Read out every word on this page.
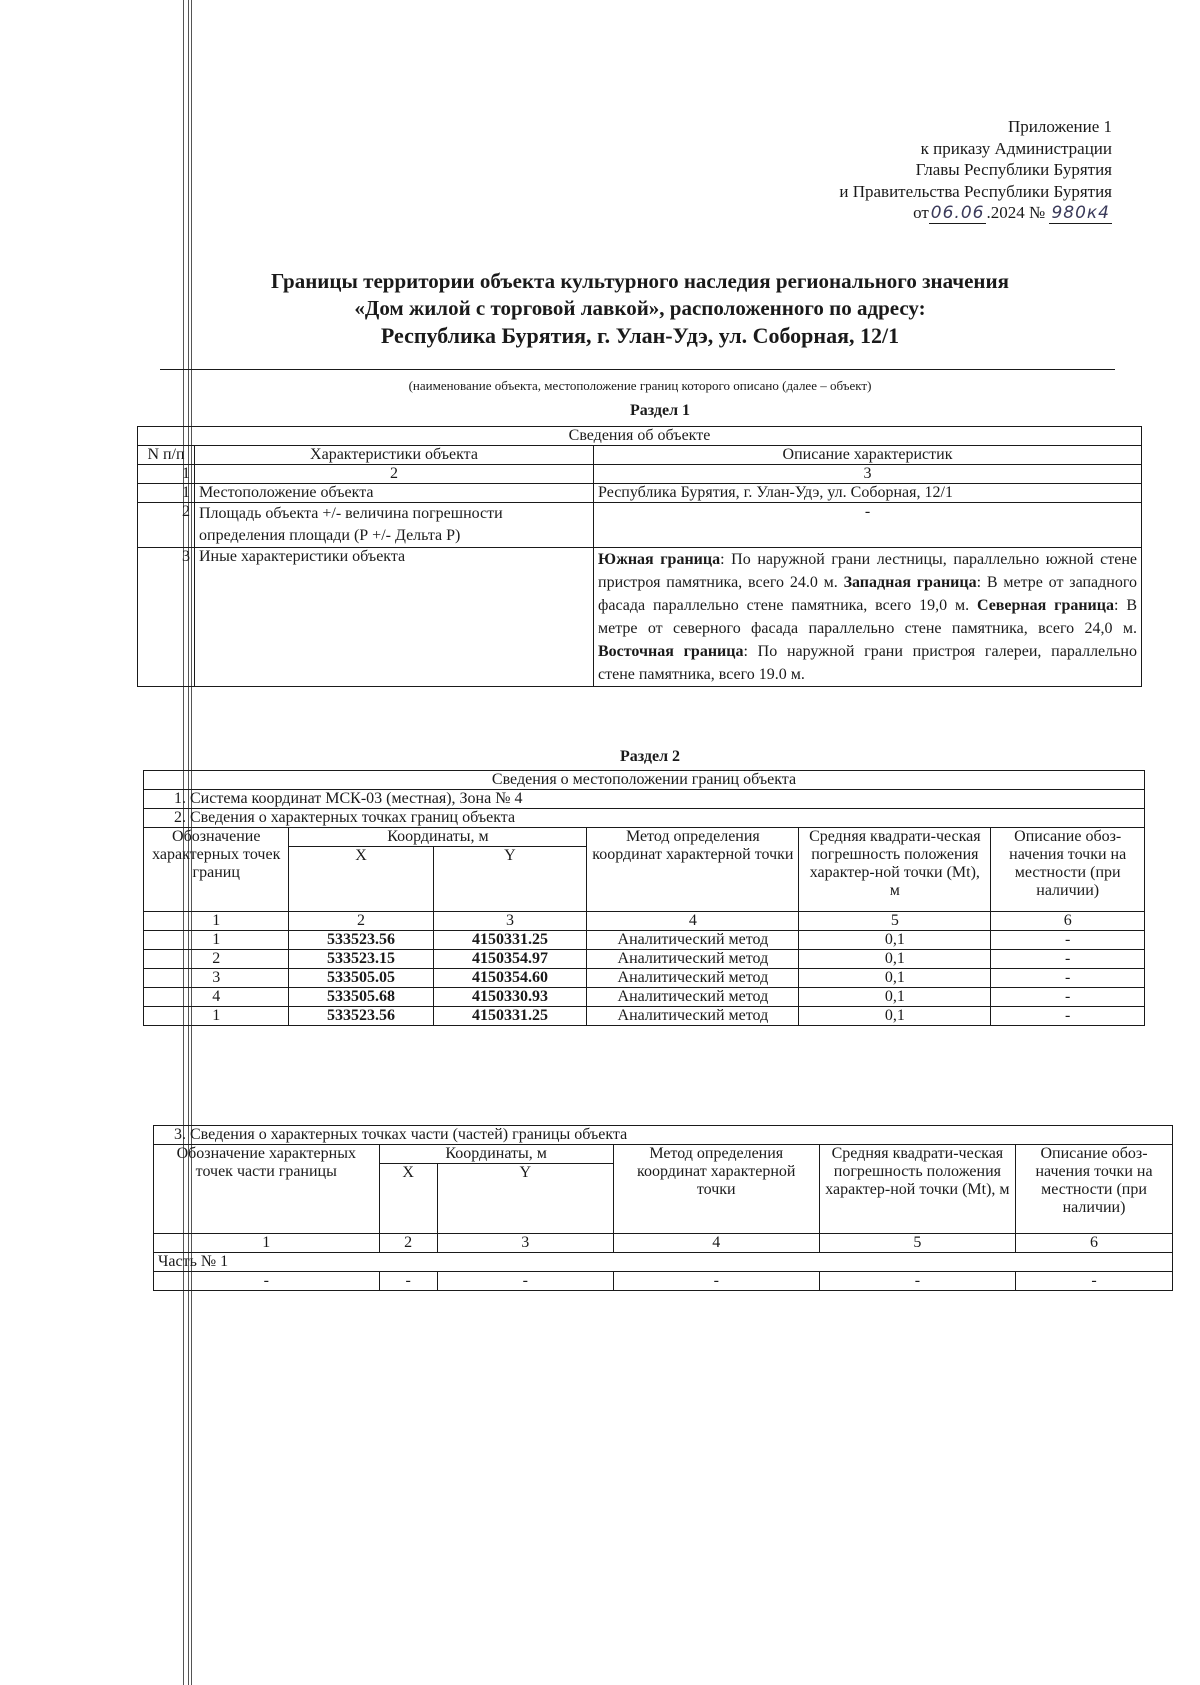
Приложение 1
к приказу Администрации
Главы Республики Бурятия
и Правительства Республики Бурятия
от 06.06 .2024 № 980к4
Границы территории объекта культурного наследия регионального значения
«Дом жилой с торговой лавкой», расположенного по адресу:
Республика Бурятия, г. Улан-Удэ, ул. Соборная, 12/1
(наименование объекта, местоположение границ которого описано (далее – объект)
Раздел 1
Сведения об объекте		
N п/п	Характеристики объекта	Описание характеристик
1	2	3
1	Местоположение объекта	Республика Бурятия, г. Улан-Удэ, ул. Соборная, 12/1
2	Площадь объекта +/- величина погрешности определения площади (Р +/- Дельта Р)	-
3	Иные характеристики объекта	Южная граница: По наружной грани лестницы, параллельно южной стене пристроя памятника, всего 24.0 м. Западная граница: В метре от западного фасада параллельно стене памятника, всего 19,0 м. Северная граница: В метре от северного фасада параллельно стене памятника, всего 24,0 м. Восточная граница: По наружной грани пристроя галереи, параллельно стене памятника, всего 19.0 м.
Раздел 2
Сведения о местоположении границ объекта					
1. Система координат МСК-03 (местная), Зона № 4					
2. Сведения о характерных точках границ объекта					
Обозначение характерных точек границ	Координаты, м		Метод определения координат характерной точки	Средняя квадрати-ческая погрешность положения характер-ной точки (Mt), м	Описание обоз-начения точки на местности (при наличии)
	X	Y			
1	2	3	4	5	6
1	533523.56	4150331.25	Аналитический метод	0,1	-
2	533523.15	4150354.97	Аналитический метод	0,1	-
3	533505.05	4150354.60	Аналитический метод	0,1	-
4	533505.68	4150330.93	Аналитический метод	0,1	-
1	533523.56	4150331.25	Аналитический метод	0,1	-
3. Сведения о характерных точках части (частей) границы объекта					
Обозначение характерных точек части границы	Координаты, м		Метод определения координат характерной точки	Средняя квадрати-ческая погрешность положения характер-ной точки (Mt), м	Описание обоз-начения точки на местности (при наличии)
	X	Y			
1	2	3	4	5	6
Часть № 1					
-	-	-	-	-	-
